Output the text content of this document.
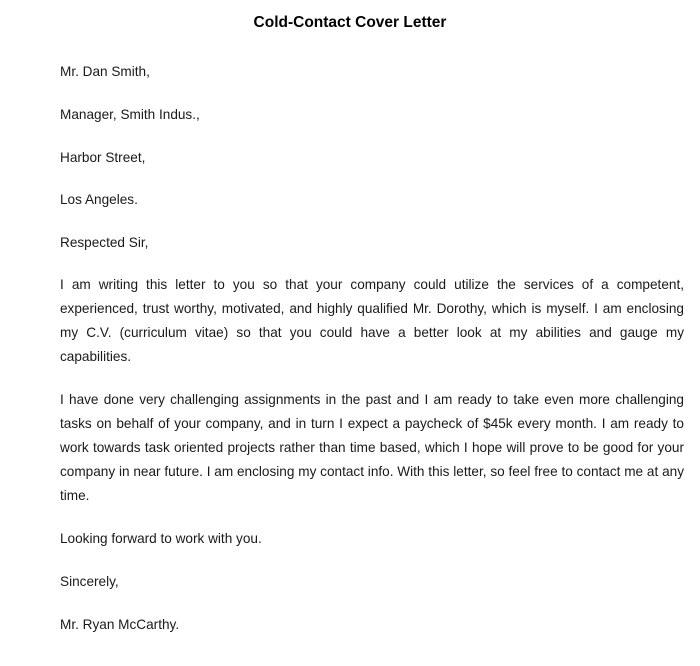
Cold-Contact Cover Letter
Mr. Dan Smith,
Manager, Smith Indus.,
Harbor Street,
Los Angeles.
Respected Sir,
I am writing this letter to you so that your company could utilize the services of a competent, experienced, trust worthy, motivated, and highly qualified Mr. Dorothy, which is myself. I am enclosing my C.V. (curriculum vitae) so that you could have a better look at my abilities and gauge my capabilities.
I have done very challenging assignments in the past and I am ready to take even more challenging tasks on behalf of your company, and in turn I expect a paycheck of $45k every month. I am ready to work towards task oriented projects rather than time based, which I hope will prove to be good for your company in near future. I am enclosing my contact info. With this letter, so feel free to contact me at any time.
Looking forward to work with you.
Sincerely,
Mr. Ryan McCarthy.
